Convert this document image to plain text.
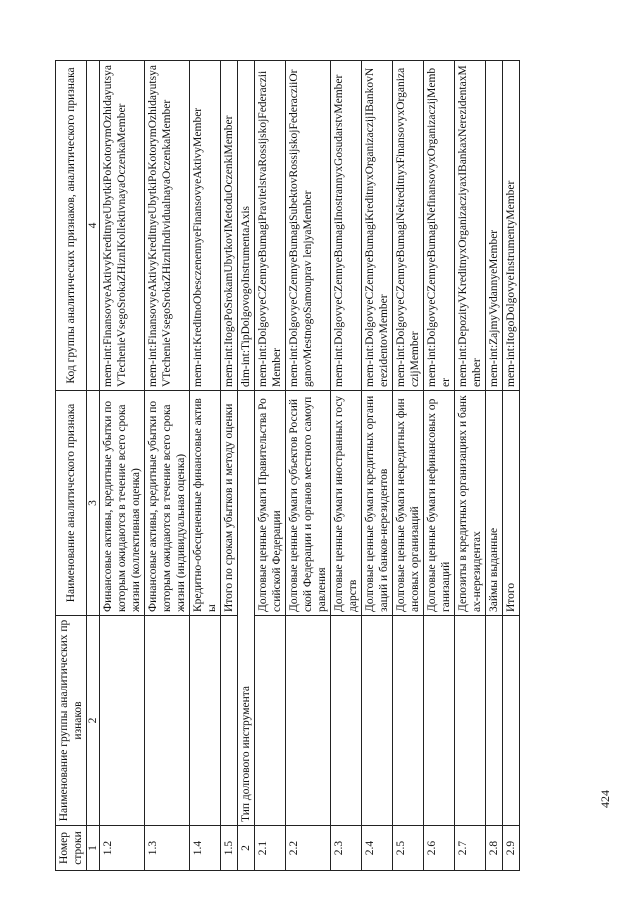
424
Номер строки	Наименование группы аналитических признаков	Наименование аналитического признака	Код группы аналитических признаков, аналитического признака
1	2	3	4
1.2		Финансовые активы, кредитные убытки по которым ожидаются в течение всего срока жизни (коллективная оценка)	mem-int:FinansovyeAktivyKreditnyeUbytkiPoKotorymOzhidayutsyaVTechenieVsegoSrokaZHiznIKollektivnayaOczenkaMember
1.3		Финансовые активы, кредитные убытки по которым ожидаются в течение всего срока жизни (индивидуальная оценка)	mem-int:FinansovyeAktivyKreditnyeUbytkiPoKotorymOzhidayutsyaVTechenieVsegoSrokaZHiznIIndividualnayaOczenkaMember
1.4		Кредитно-обесцененные финансовые активы	mem-int:KreditnoObesczenennyeFinansovyeAktivyMember
1.5		Итого по срокам убытков и методу оценки	mem-int:ItogoPoSrokamUbytkovIMetoduOczenkiMember
2	Тип долгового инструмента		dim-int:TipDolgovogoInstrumentaAxis
2.1		Долговые ценные бумаги Правительства Российской Федерации	mem-int:DolgovyeCZennyeBumagiPravitelstvaRossijskojFederacziiMember
2.2		Долговые ценные бумаги субъектов Российской Федерации и органов местного самоуправления	mem-int:DolgovyeCZennyeBumagiSubektovRossijskojFederacziiOrganovMestnogoSamouprav lenjyaMember
2.3		Долговые ценные бумаги иностранных государств	mem-int:DolgovyeCZennyeBumagiInostrannyxGosudarstvMember
2.4		Долговые ценные бумаги кредитных организаций и банков-нерезидентов	mem-int:DolgovyeCZennyeBumagiKreditnyxOrganizaczijIBankovNerezidentovMember
2.5		Долговые ценные бумаги некредитных финансовых организаций	mem-int:DolgovyeCZennyeBumagiNekreditnyxFinansovyxOrganizaczijMember
2.6		Долговые ценные бумаги нефинансовых организаций	mem-int:DolgovyeCZennyeBumagiNefinansovyxOrganizaczijMember
2.7		Депозиты в кредитных организациях и банках-нерезидентах	mem-int:DepozityVKreditnyxOrganizacziyaxIBankaxNerezidentaxMember
2.8		Займы выданные	mem-int:ZajmyVydannyeMember
2.9		Итого	mem-int:ItogoDolgovyeInstrumentyMember
